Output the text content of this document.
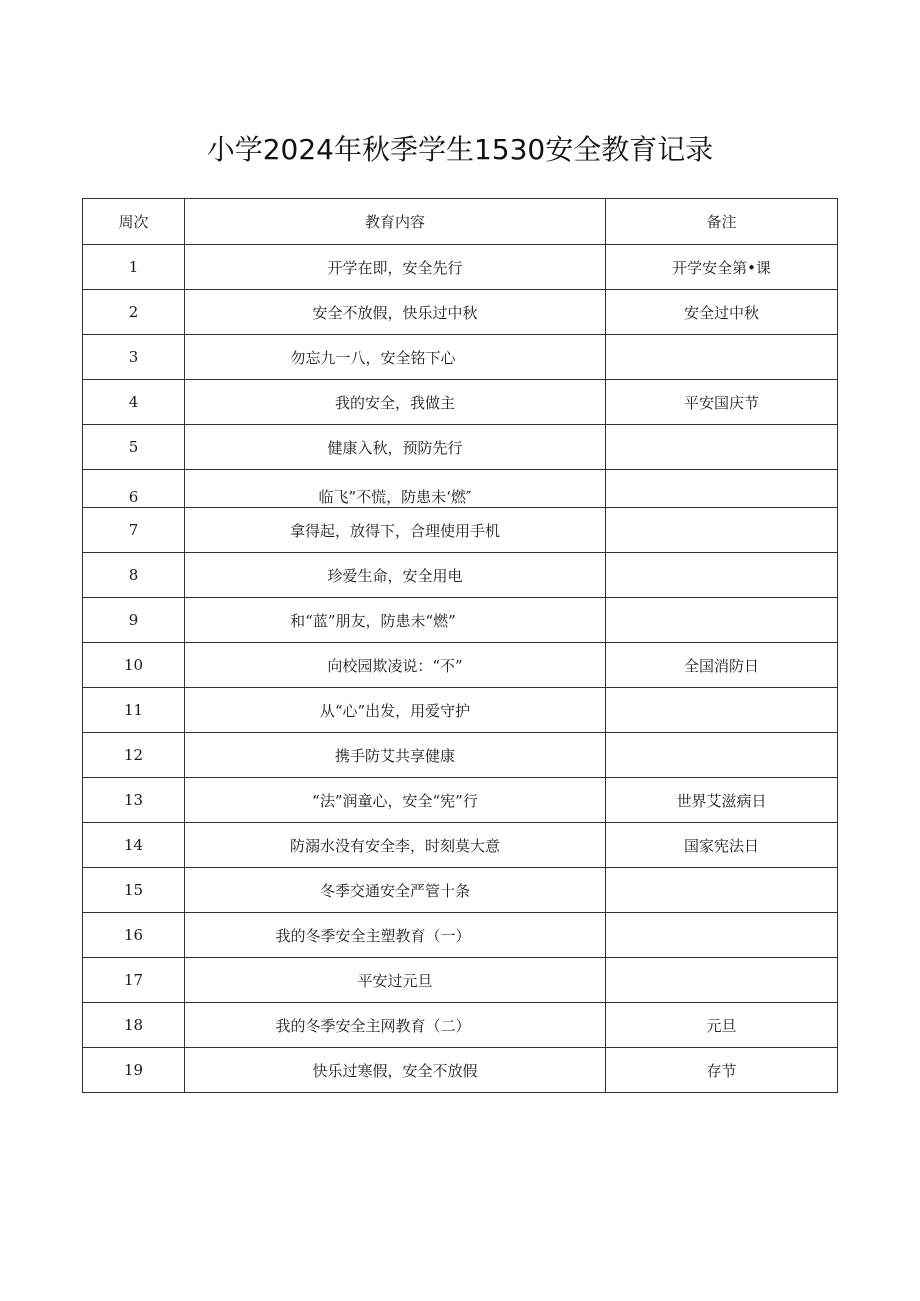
小学2024年秋季学生1530安全教育记录
周次	教育内容	备注
1	开学在即，安全先行	开学安全第•课
2	安全不放假，快乐过中秋	安全过中秋
3	勿忘九一八，安全铭下心	
4	我的安全，我做主	平安国庆节
5	健康入秋，预防先行	
6	临飞”不慌，防患未‘燃″	
7	拿得起，放得下，合理使用手机	
8	珍爱生命，安全用电	
9	和“蓝”朋友，防患未“燃”	
10	向校园欺凌说：“不”	全国消防日
11	从“心”出发，用爱守护	
12	携手防艾共享健康	
13	“法”润童心，安全“宪”行	世界艾滋病日
14	防溺水没有安全李，时刻莫大意	国家宪法日
15	冬季交通安全严管十条	
16	我的冬季安全主塑教育（一）	
17	平安过元旦	
18	我的冬季安全主网教育（二）	元旦
19	快乐过寒假，安全不放假	存节
